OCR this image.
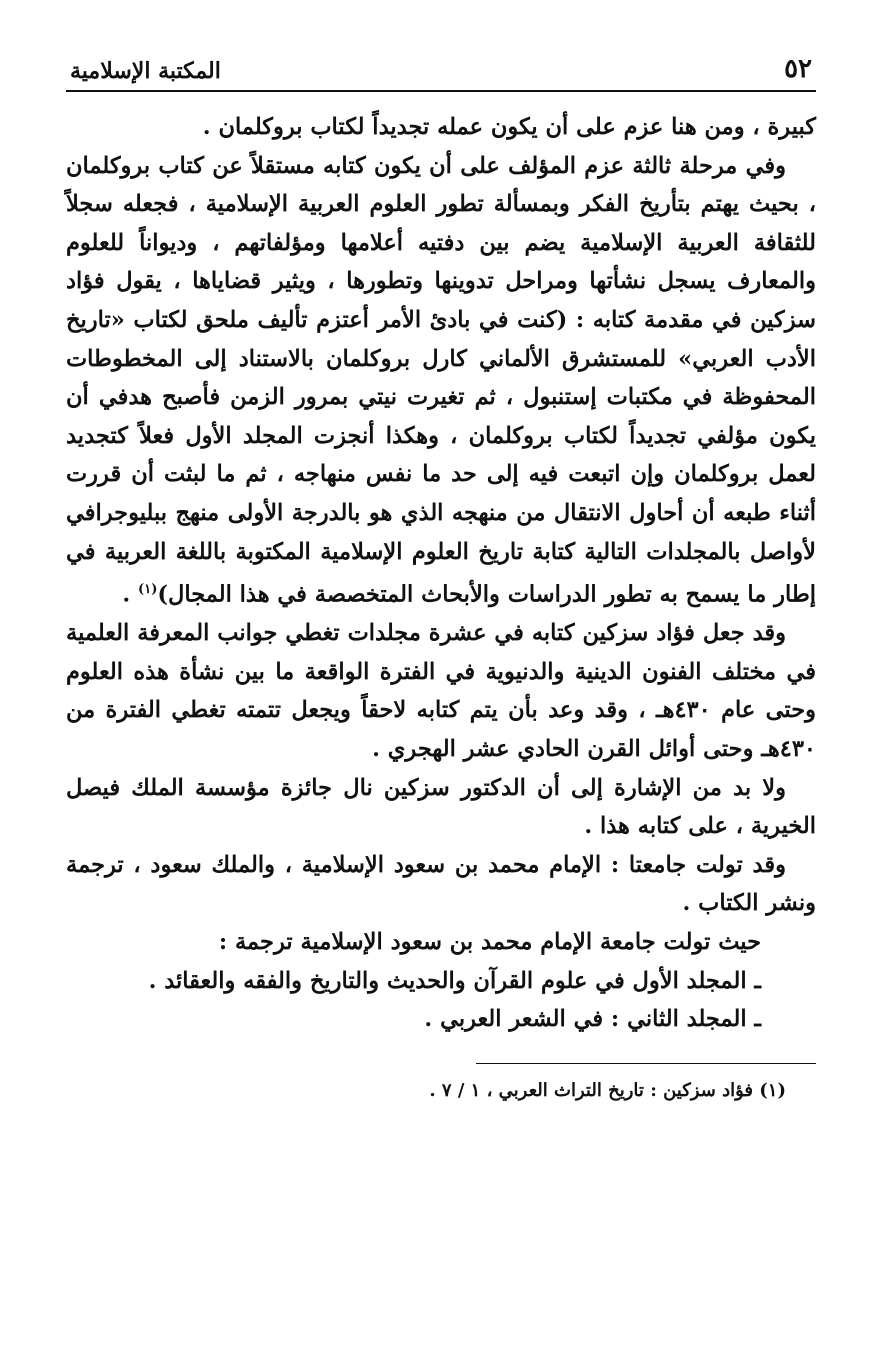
٥٢
المكتبة الإسلامية

كبيرة ، ومن هنا عزم على أن يكون عمله تجديداً لكتاب بروكلمان .

وفي مرحلة ثالثة عزم المؤلف على أن يكون كتابه مستقلاً عن كتاب بروكلمان ، بحيث يهتم بتأريخ الفكر وبمسألة تطور العلوم العربية الإسلامية ، فجعله سجلاً للثقافة العربية الإسلامية يضم بين دفتيه أعلامها ومؤلفاتهم ، وديواناً للعلوم والمعارف يسجل نشأتها ومراحل تدوينها وتطورها ، ويثير قضاياها ، يقول فؤاد سزكين في مقدمة كتابه : (كنت في بادئ الأمر أعتزم تأليف ملحق لكتاب «تاريخ الأدب العربي» للمستشرق الألماني كارل بروكلمان بالاستناد إلى المخطوطات المحفوظة في مكتبات إستنبول ، ثم تغيرت نيتي بمرور الزمن فأصبح هدفي أن يكون مؤلفي تجديداً لكتاب بروكلمان ، وهكذا أنجزت المجلد الأول فعلاً كتجديد لعمل بروكلمان وإن اتبعت فيه إلى حد ما نفس منهاجه ، ثم ما لبثت أن قررت أثناء طبعه أن أحاول الانتقال من منهجه الذي هو بالدرجة الأولى منهج ببليوجرافي لأواصل بالمجلدات التالية كتابة تاريخ العلوم الإسلامية المكتوبة باللغة العربية في إطار ما يسمح به تطور الدراسات والأبحاث المتخصصة في هذا المجال)$^{(١)}$ .

وقد جعل فؤاد سزكين كتابه في عشرة مجلدات تغطي جوانب المعرفة العلمية في مختلف الفنون الدينية والدنيوية في الفترة الواقعة ما بين نشأة هذه العلوم وحتى عام ٤٣٠هـ ، وقد وعد بأن يتم كتابه لاحقاً ويجعل تتمته تغطي الفترة من ٤٣٠هـ وحتى أوائل القرن الحادي عشر الهجري .

ولا بد من الإشارة إلى أن الدكتور سزكين نال جائزة مؤسسة الملك فيصل الخيرية ، على كتابه هذا .

وقد تولت جامعتا : الإمام محمد بن سعود الإسلامية ، والملك سعود ، ترجمة ونشر الكتاب .

حيث تولت جامعة الإمام محمد بن سعود الإسلامية ترجمة :

ـ المجلد الأول في علوم القرآن والحديث والتاريخ والفقه والعقائد .

ـ المجلد الثاني : في الشعر العربي .

(١) فؤاد سزكين : تاريخ التراث العربي ، ١ / ٧ .
